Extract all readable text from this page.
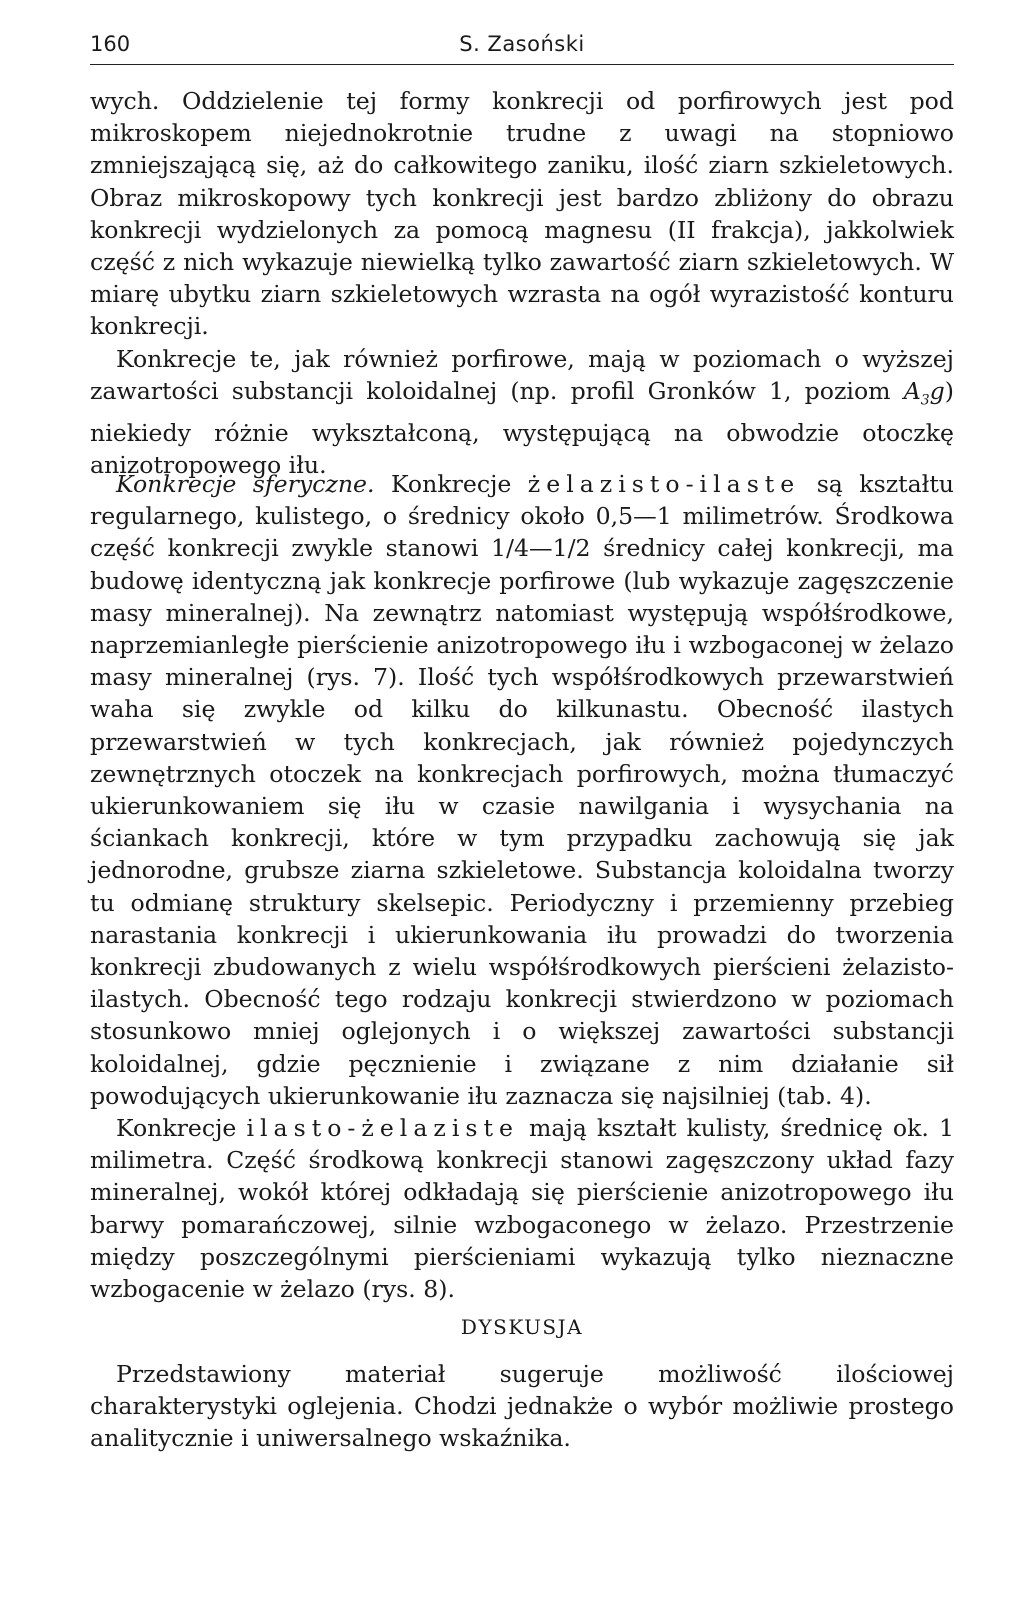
160	S. Zasoński

wych. Oddzielenie tej formy konkrecji od porfirowych jest pod mikroskopem niejednokrotnie trudne z uwagi na stopniowo zmniejszającą się, aż do całkowitego zaniku, ilość ziarn szkieletowych. Obraz mikroskopowy tych konkrecji jest bardzo zbliżony do obrazu konkrecji wydzielonych za pomocą magnesu (II frakcja), jakkolwiek część z nich wykazuje niewielką tylko zawartość ziarn szkieletowych. W miarę ubytku ziarn szkieletowych wzrasta na ogół wyrazistość konturu konkrecji.

Konkrecje te, jak również porfirowe, mają w poziomach o wyższej zawartości substancji koloidalnej (np. profil Gronków 1, poziom $A_3g$) niekiedy różnie wykształconą, występującą na obwodzie otoczkę anizotropowego iłu.

Konkrecje sferyczne. Konkrecje żelazisto-ilaste są kształtu regularnego, kulistego, o średnicy około 0,5—1 milimetrów. Środkowa część konkrecji zwykle stanowi 1/4—1/2 średnicy całej konkrecji, ma budowę identyczną jak konkrecje porfirowe (lub wykazuje zagęszczenie masy mineralnej). Na zewnątrz natomiast występują współśrodkowe, naprzemianległe pierścienie anizotropowego iłu i wzbogaconej w żelazo masy mineralnej (rys. 7). Ilość tych współśrodkowych przewarstwień waha się zwykle od kilku do kilkunastu. Obecność ilastych przewarstwień w tych konkrecjach, jak również pojedynczych zewnętrznych otoczek na konkrecjach porfirowych, można tłumaczyć ukierunkowaniem się iłu w czasie nawilgania i wysychania na ściankach konkrecji, które w tym przypadku zachowują się jak jednorodne, grubsze ziarna szkieletowe. Substancja koloidalna tworzy tu odmianę struktury skelsepic. Periodyczny i przemienny przebieg narastania konkrecji i ukierunkowania iłu prowadzi do tworzenia konkrecji zbudowanych z wielu współśrodkowych pierścieni żelazisto-ilastych. Obecność tego rodzaju konkrecji stwierdzono w poziomach stosunkowo mniej oglejonych i o większej zawartości substancji koloidalnej, gdzie pęcznienie i związane z nim działanie sił powodujących ukierunkowanie iłu zaznacza się najsilniej (tab. 4).

Konkrecje ilasto-żelaziste mają kształt kulisty, średnicę ok. 1 milimetra. Część środkową konkrecji stanowi zagęszczony układ fazy mineralnej, wokół której odkładają się pierścienie anizotropowego iłu barwy pomarańczowej, silnie wzbogaconego w żelazo. Przestrzenie między poszczególnymi pierścieniami wykazują tylko nieznaczne wzbogacenie w żelazo (rys. 8).

DYSKUSJA

Przedstawiony materiał sugeruje możliwość ilościowej charakterystyki oglejenia. Chodzi jednakże o wybór możliwie prostego analitycznie i uniwersalnego wskaźnika.
